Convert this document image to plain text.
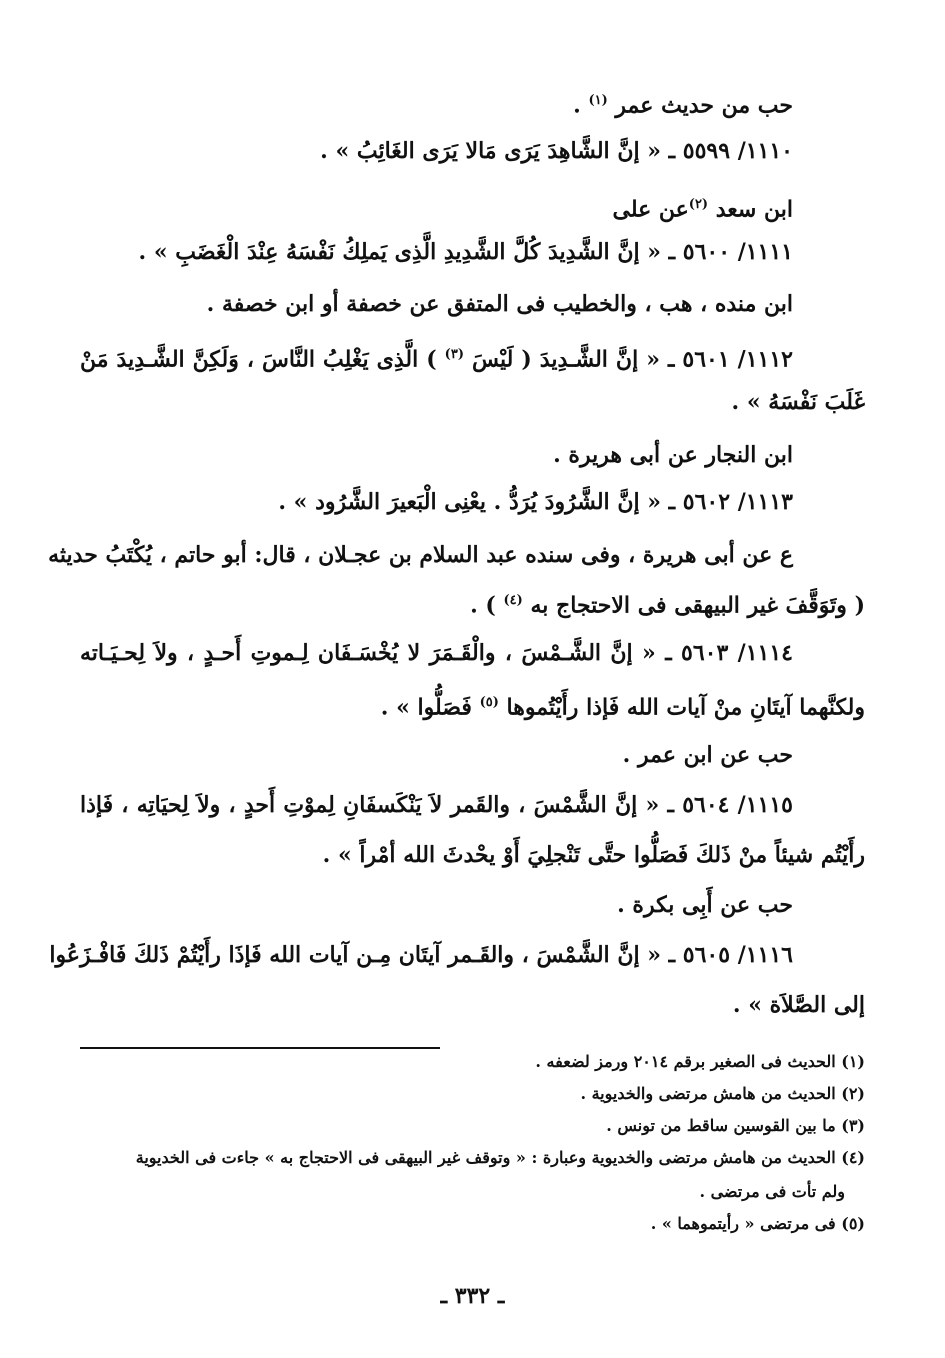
حب من حديث عمر $^{(١)}$ .
١١١٠/ ٥٥٩٩ ـ « إنَّ الشَّاهِدَ يَرَى مَالا يَرَى الغَائِبُ » .
ابن سعد $^{(٢)}$عن على
١١١١/ ٥٦٠٠ ـ « إنَّ الشَّدِيدَ كُلَّ الشَّدِيدِ الَّذِى يَملِكُ نَفْسَهُ عِنْدَ الْغَضَبِ » .
ابن منده ، هب ، والخطيب فى المتفق عن خصفة أو ابن خصفة .
١١١٢/ ٥٦٠١ ـ « إنَّ الشَّـدِيدَ ( لَيْسَ $^{(٣)}$ ) الَّذِى يَغْلِبُ النَّاسَ ، وَلَكِنَّ الشَّـدِيدَ مَنْ
غَلَبَ نَفْسَهُ » .
ابن النجار عن أبى هريرة .
١١١٣/ ٥٦٠٢ ـ « إنَّ الشَّرُودَ يُرَدُّ . يعْنِى الْبَعيرَ الشَّرُود » .
ع عن أبى هريرة ، وفى سنده عبد السلام بن عجـلان ، قال: أبو حاتم ، يُكْتَبُ حديثه
( وتَوَقَّفَ غير البيهقى فى الاحتجاج به $^{(٤)}$ ) .
١١١٤/ ٥٦٠٣ ـ « إنَّ الشَّـمْسَ ، والْقَـمَرَ لا يُخْسَـفَان لِـموتِ أَحـدٍ ، ولاَ لِحـيَـاته
ولكنَّهما آيتَانِ منْ آيات الله فَإذا رأَيْتُموها $^{(٥)}$ فَصَلُّوا » .
حب عن ابن عمر .
١١١٥/ ٥٦٠٤ ـ « إنَّ الشَّمْسَ ، والقَمر لاَ يَنْكَسفَانِ لِموْتِ أَحدٍ ، ولاَ لِحيَاتِه ، فَإذا
رأَيْتُم شيئاً منْ ذَلكَ فَصَلُّوا حتَّى تَنْجلِيَ أَوْ يحْدثَ الله أمْراً » .
حب عن أَبِى بكرة .
١١١٦/ ٥٦٠٥ ـ « إنَّ الشَّمْسَ ، والقَـمر آيتَان مِـن آيات الله فَإذَا رأَيْتُمْ ذَلكَ فَافْـزَعُوا
إلى الصَّلاَة » .
(١) الحديث فى الصغير برقم ٢٠١٤ ورمز لضعفه .
(٢) الحديث من هامش مرتضى والخديوية .
(٣) ما بين القوسين ساقط من تونس .
(٤) الحديث من هامش مرتضى والخديوية وعبارة : « وتوقف غير البيهقى فى الاحتجاج به » جاءت فى الخديوية
ولم تأت فى مرتضى .
(٥) فى مرتضى « رأيتموهما » .
ـ ٣٣٢ ـ
